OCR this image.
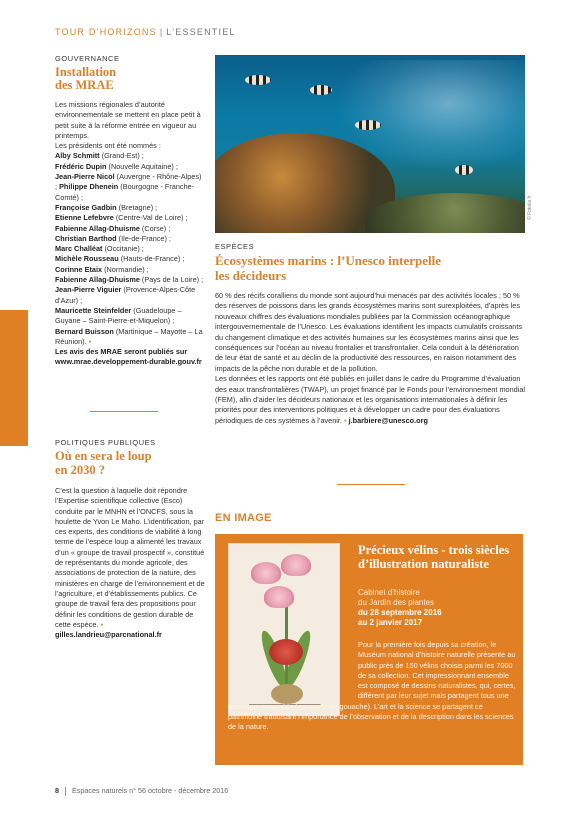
TOUR D’HORIZONS | L’ESSENTIEL
GOUVERNANCE
Installation
des MRAE

Les missions régionales d’autorité environnementale se mettent en place petit à petit suite à la réforme entrée en vigueur au printemps.

Les présidents ont été nommés :

Alby Schmitt (Grand-Est) ;
Frédéric Dupin (Nouvelle Aquitaine) ;
Jean-Pierre Nicol (Auvergne - Rhône-Alpes) ; Philippe Dhenein (Bourgogne - Franche-Comté) ;
Françoise Gadbin (Bretagne) ;
Etienne Lefebvre (Centre-Val de Loire) ;
Fabienne Allag-Dhuisme (Corse) ;
Christian Barthod (Ile-de-France) ;
Marc Challéat (Occitanie) ;
Michèle Rousseau (Hauts-de-France) ;
Corinne Etaix (Normandie) ;
Fabienne Allag-Dhuisme (Pays de la Loire) ; Jean-Pierre Viguier (Provence-Alpes-Côte d’Azur) ;
Mauricette Steinfelder (Guadeloupe – Guyane – Saint-Pierre-et-Miquelon) ;
Bernard Buisson (Martinique – Mayotte – La Réunion). ▪
Les avis des MRAE seront publiés sur www.mrae.developpement-durable.gouv.fr

POLITIQUES PUBLIQUES
Où en sera le loup
en 2030 ?

C’est la question à laquelle doit répondre l’Expertise scientifique collective (Esco) conduite par le MNHN et l’ONCFS, sous la houlette de Yvon Le Maho. L’identification, par ces experts, des conditions de viabilité à long terme de l’espèce loup a alimenté les travaux d’un « groupe de travail prospectif », constitué de représentants du monde agricole, des associations de protection de la nature, des ministères en charge de l’environnement et de l’agriculture, et d’établissements publics. Ce groupe de travail fera des propositions pour définir les conditions de gestion durable de cette espèce. ▪

gilles.landrieu@parcnational.fr

© Fotolia.fr
ESPÈCES
Écosystèmes marins : l’Unesco interpelle
les décideurs

60 % des récifs coralliens du monde sont aujourd’hui menacés par des activités locales ; 50 % des réserves de poissons dans les grands écosystèmes marins sont surexploitées, d’après les nouveaux chiffres des évaluations mondiales publiées par la Commission océanographique intergouvernementale de l’Unesco. Les évaluations identifient les impacts cumulatifs croissants du changement climatique et des activités humaines sur les écosystèmes marins ainsi que les conséquences sur l’océan au niveau frontalier et transfrontalier. Cela conduit à la détérioration de leur état de santé et au déclin de la productivité des ressources, en raison notamment des impacts de la pêche non durable et de la pollution.

Les données et les rapports ont été publiés en juillet dans le cadre du Programme d’évaluation des eaux transfrontalières (TWAP), un projet financé par le Fonds pour l’environnement mondial (FEM), afin d’aider les décideurs nationaux et les organisations internationales à définir les priorités pour des interventions politiques et à développer un cadre pour des évaluations périodiques de ces systèmes à l’avenir. ▪ j.barbiere@unesco.org

EN IMAGE
Précieux vélins - trois siècles d’illustration naturaliste
Cabinet d’histoire
du Jardin des plantes
du 28 septembre 2016
au 2 janvier 2017
Pour la première fois depuis sa création, le Muséum national d’histoire naturelle présente au public près de 150 vélins choisis parmi les 7000 de sa collection. Cet impressionnant ensemble est composé de dessins naturalistes, qui, certes, diffèrent par leur sujet mais partagent tous une
technique invariable (aquarelle ou gouache). L’art et la science se partagent ce patrimoine traduisant l’importance de l’observation et de la description dans les sciences de la nature.
8 Espaces naturels n° 56 octobre - décembre 2016
